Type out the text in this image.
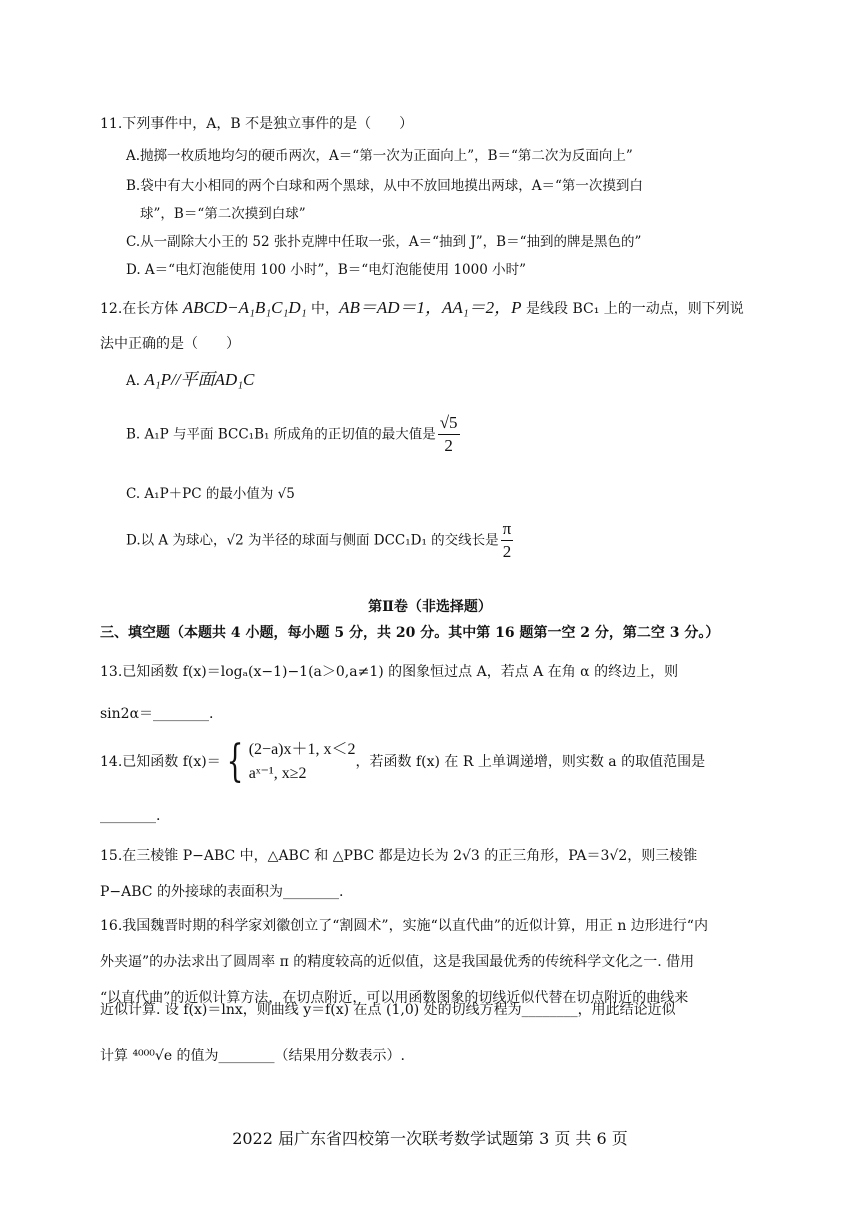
11.下列事件中，A，B 不是独立事件的是（　　）
A.抛掷一枚质地均匀的硬币两次，A＝“第一次为正面向上”，B＝“第二次为反面向上”
B.袋中有大小相同的两个白球和两个黑球，从中不放回地摸出两球，A＝“第一次摸到白
球”，B＝“第二次摸到白球”
C.从一副除大小王的 52 张扑克牌中任取一张，A＝“抽到 J”，B＝“抽到的牌是黑色的”
D. A＝“电灯泡能使用 100 小时”，B＝“电灯泡能使用 1000 小时”
12.在长方体 ABCD−A₁B₁C₁D₁ 中，AB＝AD＝1，AA₁＝2，P 是线段 BC₁ 上的一动点，则下列说
法中正确的是（　　）
A. A₁P//平面AD₁C
B. A₁P 与平面 BCC₁B₁ 所成角的正切值的最大值是 $\frac{√5}{2}$
C. A₁P＋PC 的最小值为 √5
D.以 A 为球心，√2 为半径的球面与侧面 DCC₁D₁ 的交线长是 $\frac{\pi}{2}$
第Ⅱ卷（非选择题）
三、填空题（本题共 4 小题，每小题 5 分，共 20 分。其中第 16 题第一空 2 分，第二空 3 分。）
13.已知函数 f(x)＝logₐ(x−1)−1(a＞0,a≠1) 的图象恒过点 A，若点 A 在角 α 的终边上，则
sin2α＝________.
14.已知函数 f(x)＝ { (2−a)x＋1, x＜2
aˣ⁻¹, x≥2
，若函数 f(x) 在 R 上单调递增，则实数 a 的取值范围是
________.
15.在三棱锥 P−ABC 中，△ABC 和 △PBC 都是边长为 2√3 的正三角形，PA＝3√2，则三棱锥
P−ABC 的外接球的表面积为________.
16.我国魏晋时期的科学家刘徽创立了“割圆术”，实施“以直代曲”的近似计算，用正 n 边形进行“内
外夹逼”的办法求出了圆周率 π 的精度较高的近似值，这是我国最优秀的传统科学文化之一. 借用
“以直代曲”的近似计算方法，在切点附近，可以用函数图象的切线近似代替在切点附近的曲线来
近似计算. 设 f(x)＝lnx，则曲线 y＝f(x) 在点 (1,0) 处的切线方程为________，用此结论近似
计算 ⁴⁰⁰⁰√e 的值为________（结果用分数表示）.
2022 届广东省四校第一次联考数学试题第 3 页 共 6 页
